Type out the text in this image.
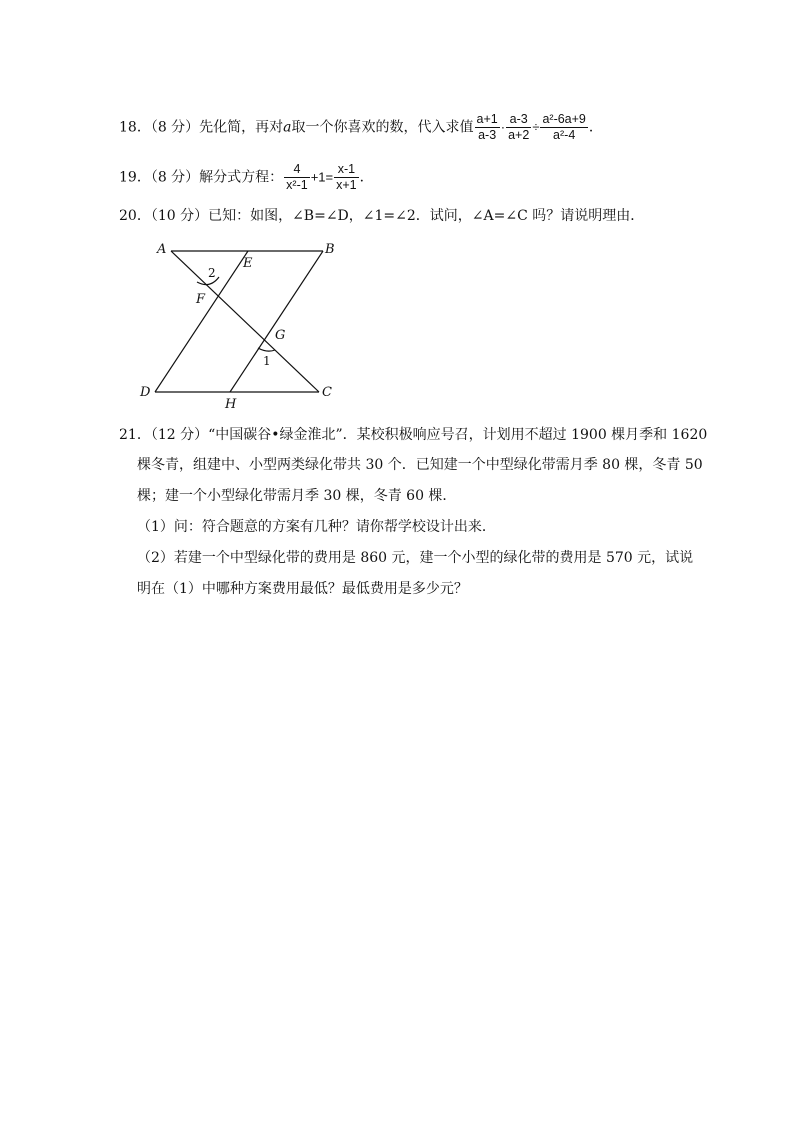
18．（8 分）先化简，再对a取一个你喜欢的数，代入求值 $\frac{a+1}{a-3} \cdot \frac{a-3}{a+2} \div \frac{\text{a²-6a+9}}{\text{a²-4}}$ ．
19．（8 分）解分式方程： $\frac{4}{\text{x²-1}} +1= \frac{x-1}{x+1}$ ．
20．（10 分）已知：如图，∠B=∠D，∠1=∠2．试问，∠A=∠C 吗？请说明理由．
A	B
E
F
G
D
H
C
2
1
21．（12 分）“中国碳谷•绿金淮北”．某校积极响应号召，计划用不超过 1900 棵月季和 1620
棵冬青，组建中、小型两类绿化带共 30 个．已知建一个中型绿化带需月季 80 棵，冬青 50
棵；建一个小型绿化带需月季 30 棵，冬青 60 棵．
（1）问：符合题意的方案有几种？请你帮学校设计出来．
（2）若建一个中型绿化带的费用是 860 元，建一个小型的绿化带的费用是 570 元，试说
明在（1）中哪种方案费用最低？最低费用是多少元？
